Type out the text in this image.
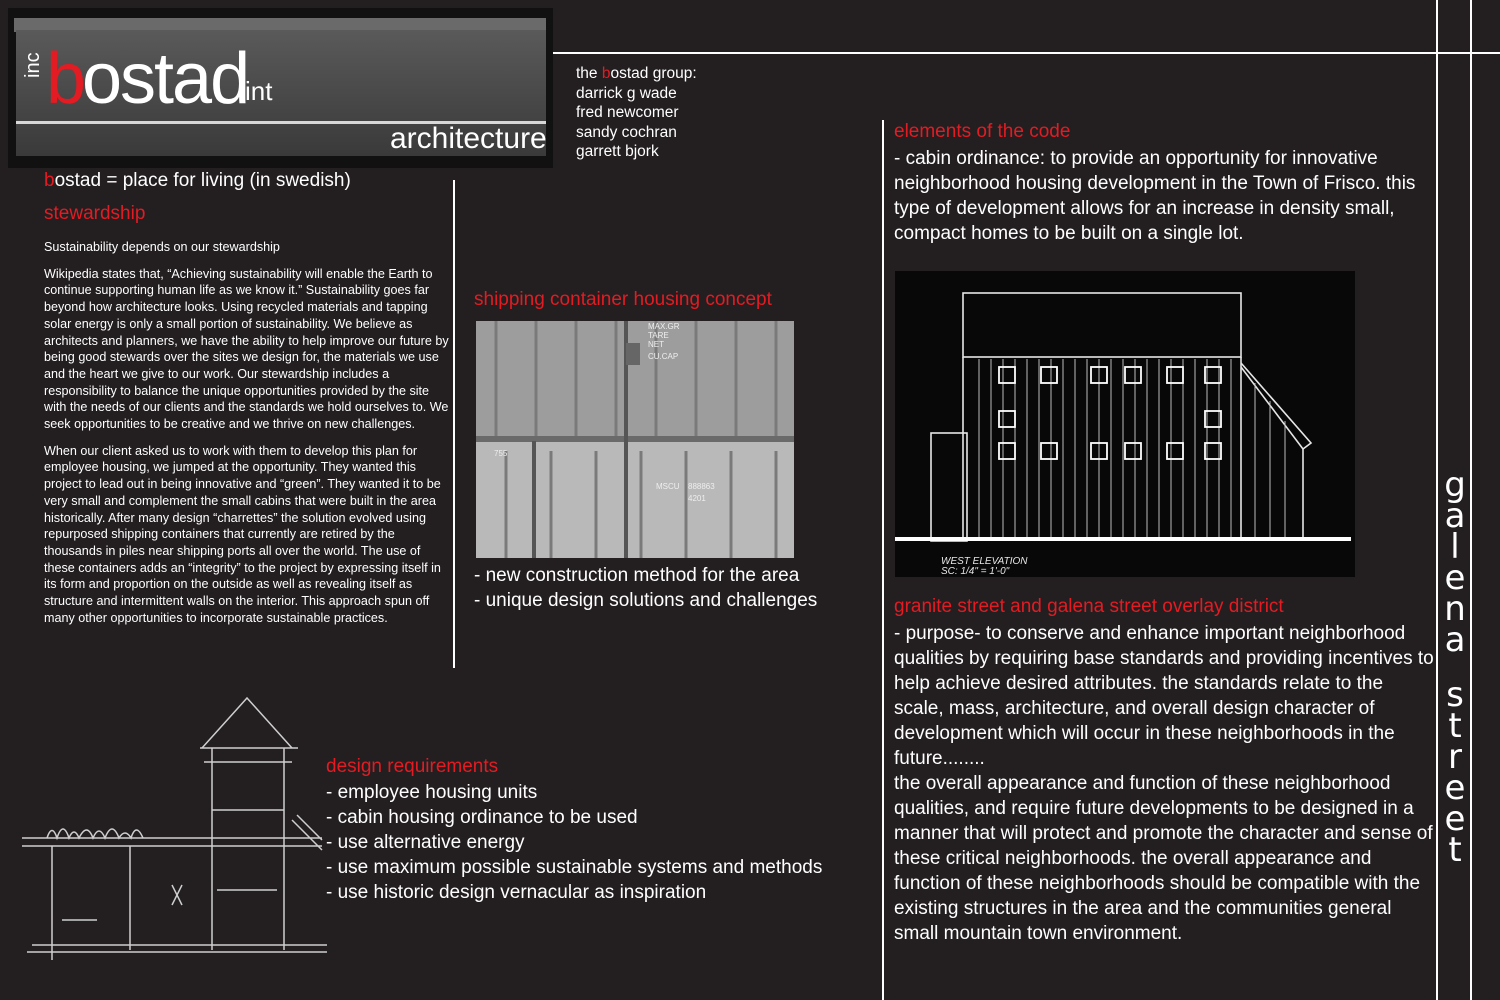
inc b
ostad
int
architecture
the bostad group:
darrick g wade
fred newcomer
sandy cochran
garrett bjork
bostad = place for living (in swedish)
stewardship

Sustainability depends on our stewardship

Wikipedia states that, “Achieving sustainability will enable the Earth to continue supporting human life as we know it.” Sustainability goes far beyond how architecture looks. Using recycled materials and tapping solar energy is only a small portion of sustainability. We believe as architects and planners, we have the ability to help improve our future by being good stewards over the sites we design for, the materials we use and the heart we give to our work. Our stewardship includes a responsibility to balance the unique opportunities provided by the site with the needs of our clients and the standards we hold ourselves to. We seek opportunities to be creative and we thrive on new challenges.

When our client asked us to work with them to develop this plan for employee housing, we jumped at the opportunity. They wanted this project to lead out in being innovative and “green”. They wanted it to be very small and complement the small cabins that were built in the area historically. After many design “charrettes” the solution evolved using repurposed shipping containers that currently are retired by the thousands in piles near shipping ports all over the world. The use of these containers adds an “integrity” to the project by expressing itself in its form and proportion on the outside as well as revealing itself as structure and intermittent walls on the interior. This approach spun off many other opportunities to incorporate sustainable practices.

shipping container housing concept
MAX.GR
TARE
NET
CU.CAP
755
MSCU 888863
4201
- new construction method for the area
- unique design solutions and challenges
design requirements
- employee housing units
- cabin housing ordinance to be used
- use alternative energy
- use maximum possible sustainable systems and methods
- use historic design vernacular as inspiration
elements of the code
- cabin ordinance: to provide an opportunity for innovative neighborhood housing development in the Town of Frisco. this type of development allows for an increase in density small, compact homes to be built on a single lot.
WEST ELEVATION
SC: 1/4" = 1'-0"
granite street and galena street overlay district
- purpose- to conserve and enhance important neighborhood qualities by requiring base standards and providing incentives to help achieve desired attributes. the standards relate to the scale, mass, architecture, and overall design character of development which will occur in these neighborhoods in the future........
the overall appearance and function of these neighborhood qualities, and require future developments to be designed in a manner that will protect and promote the character and sense of these critical neighborhoods. the overall appearance and function of these neighborhoods should be compatible with the existing structures in the area and the communities general small mountain town environment.
g
a
l
e
n
a
s
t
r
e
e
t
